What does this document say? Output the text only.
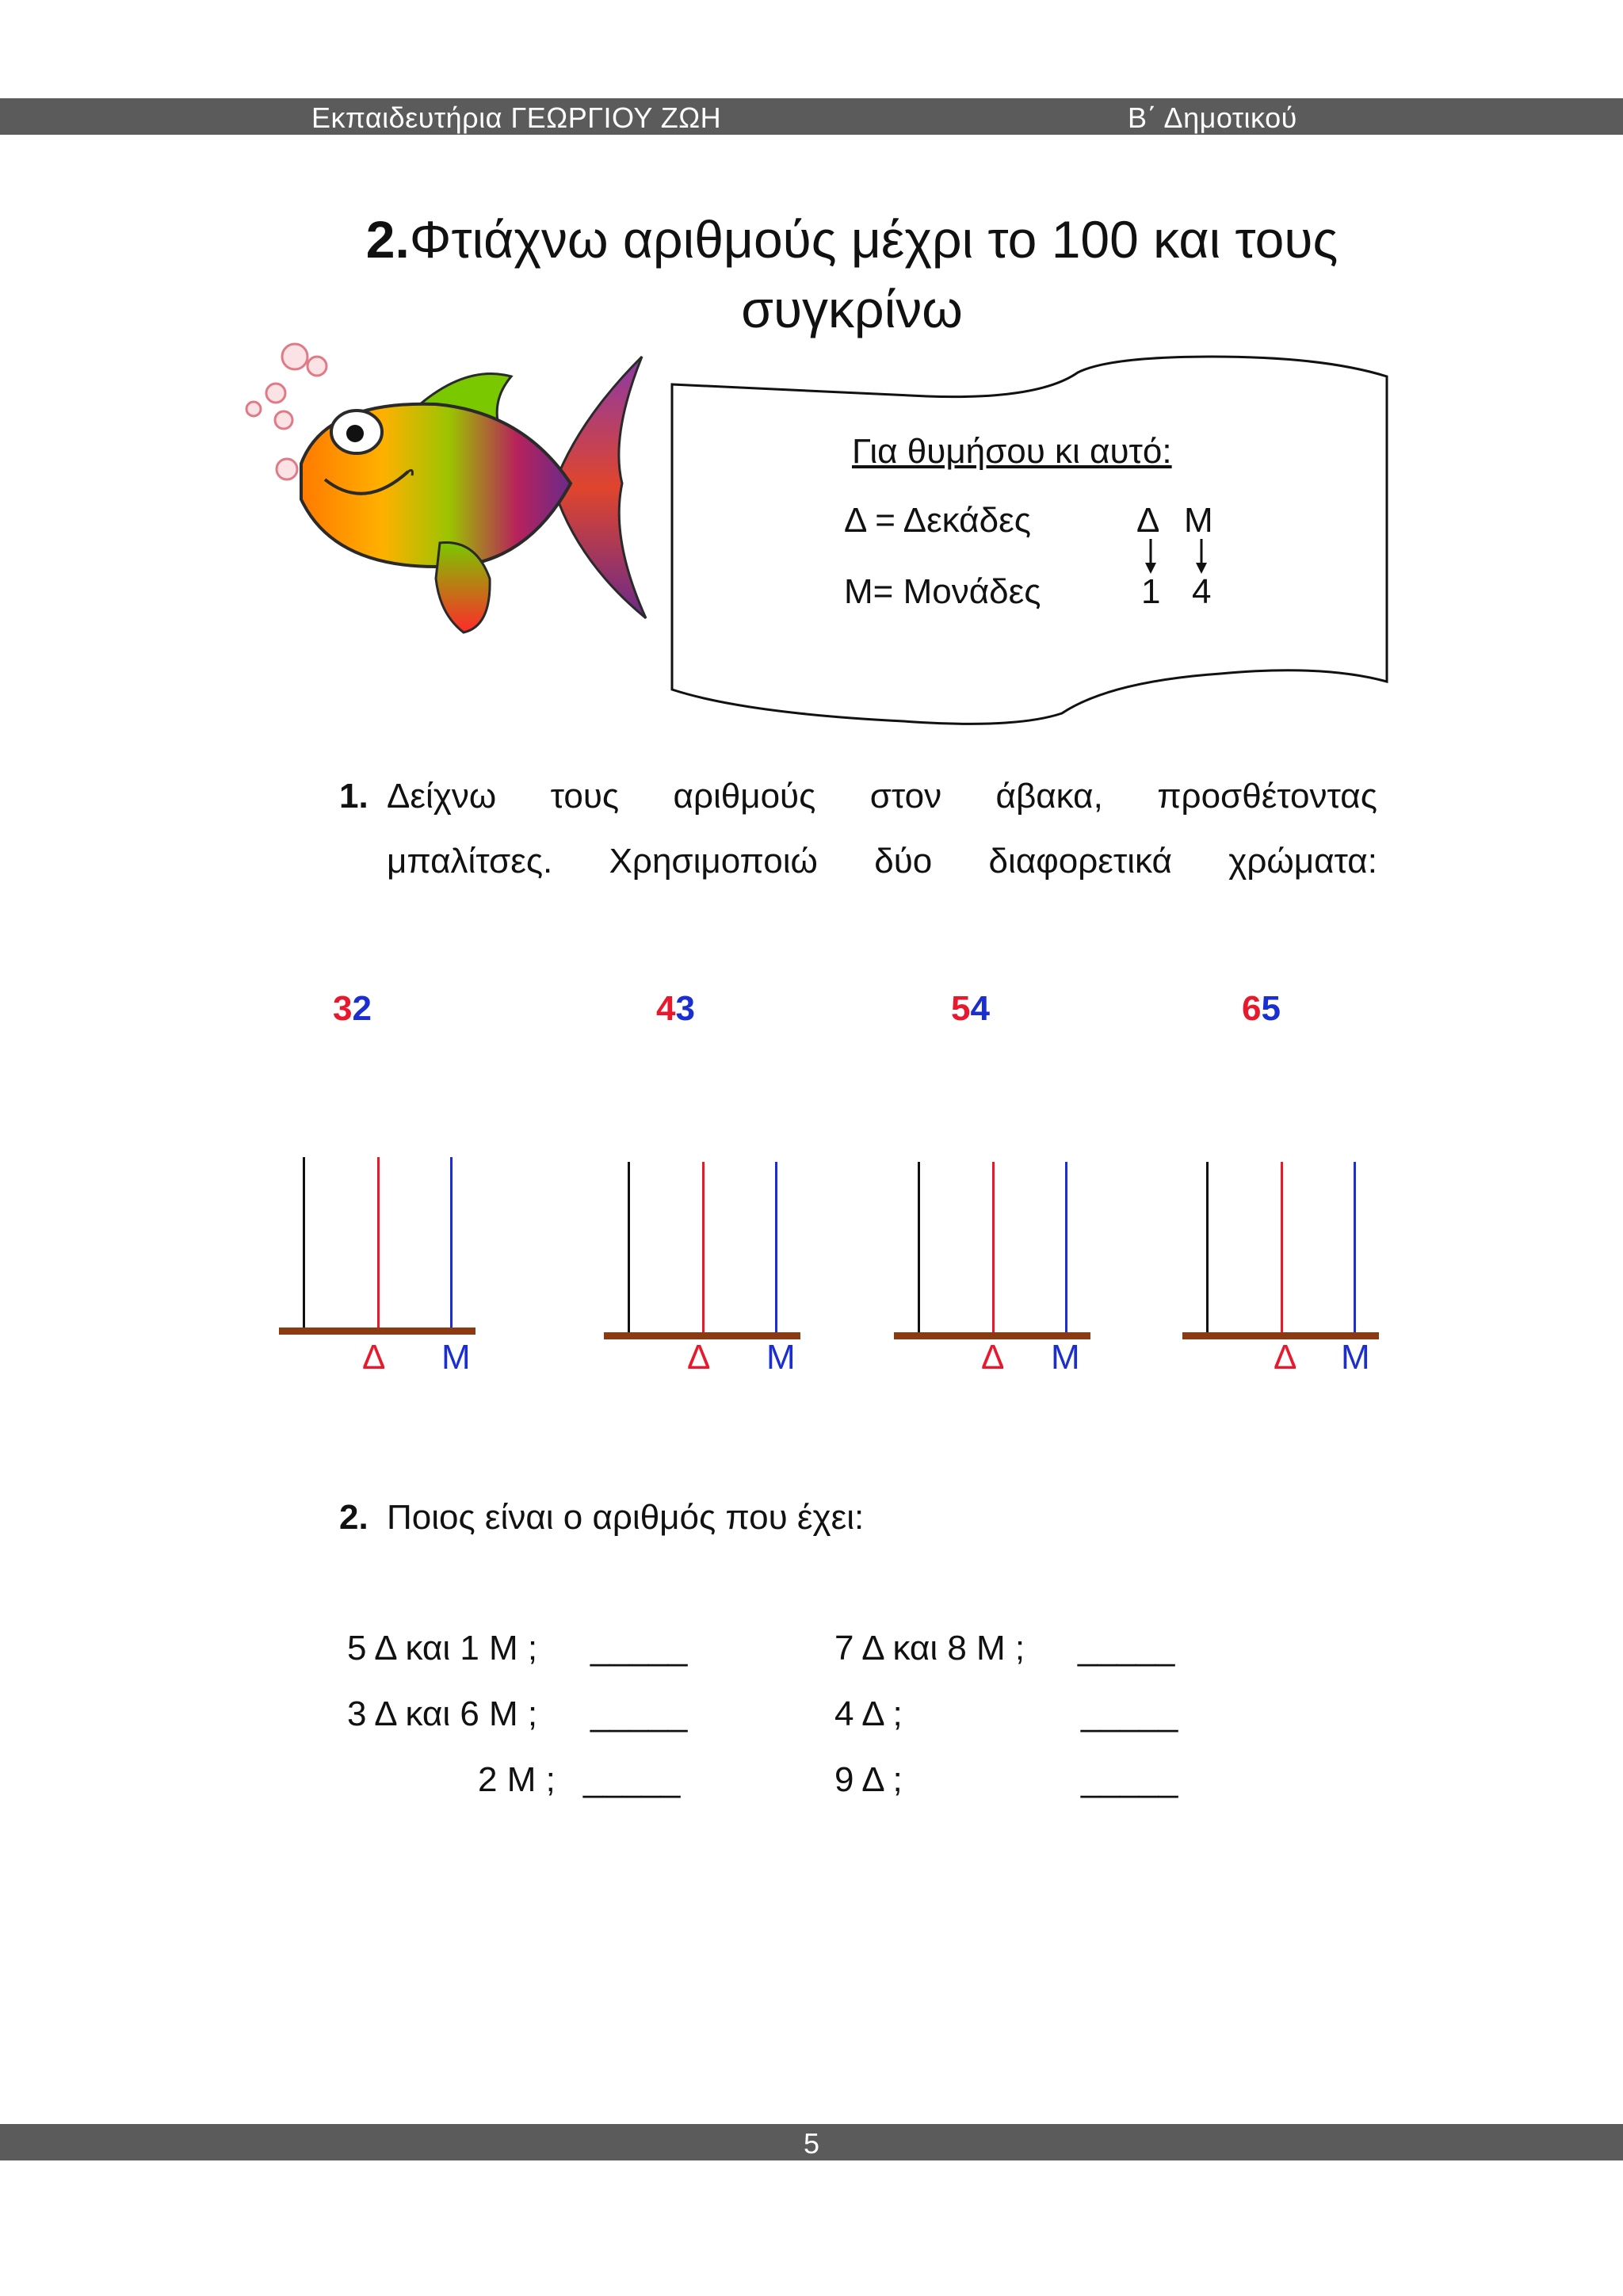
Εκπαιδευτήρια ΓΕΩΡΓΙΟΥ ΖΩΗ	Β΄ Δημοτικού
2.Φτιάχνω αριθμούς μέχρι το 100 και τους
συγκρίνω
Για θυμήσου κι αυτό:
Δ = Δεκάδες
Μ= Μονάδες
Δ Μ
1 4
1. Δείχνω τους αριθμούς στον άβακα, προσθέτοντας
μπαλίτσες. Χρησιμοποιώ δύο διαφορετικά χρώματα:
32	43	54	65
Δ Μ	Δ Μ	Δ Μ	Δ Μ
2. Ποιος είναι ο αριθμός που έχει:
5 Δ και 1 Μ ; _____	7 Δ και 8 Μ ; _____
3 Δ και 6 Μ ; _____	4 Δ ;	_____
2 Μ ; _____	9 Δ ;	_____
5
